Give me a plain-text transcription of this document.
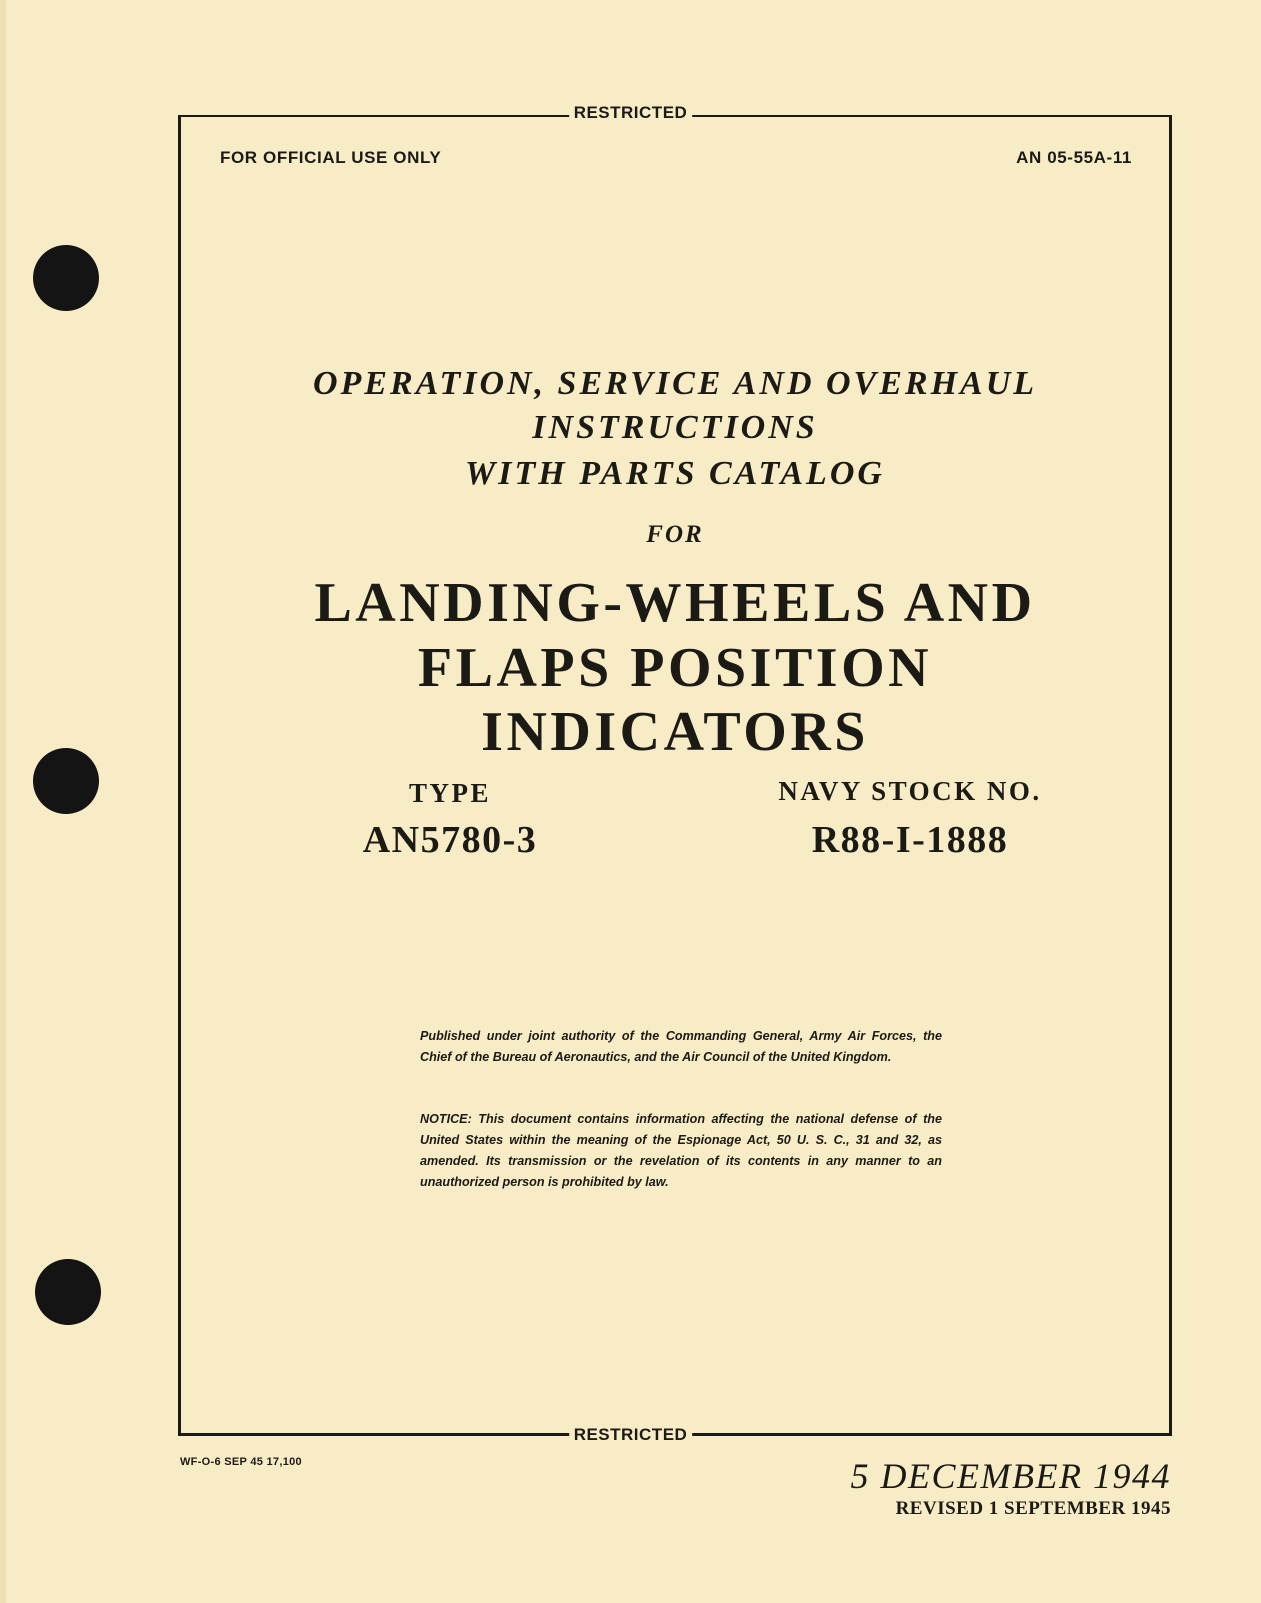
RESTRICTED
FOR OFFICIAL USE ONLY	AN 05-55A-11
OPERATION, SERVICE AND OVERHAUL
INSTRUCTIONS
WITH PARTS CATALOG
FOR
LANDING-WHEELS AND
FLAPS POSITION
INDICATORS
TYPE
AN5780-3
NAVY STOCK NO.
R88-I-1888
Published under joint authority of the Commanding General, Army Air Forces, the Chief of the Bureau of Aeronautics, and the Air Council of the United Kingdom.
NOTICE: This document contains information affecting the national defense of the United States within the meaning of the Espionage Act, 50 U. S. C., 31 and 32, as amended. Its transmission or the revelation of its contents in any manner to an unauthorized person is prohibited by law.
RESTRICTED
WF-O-6 SEP 45 17,100	5 DECEMBER 1944
REVISED 1 SEPTEMBER 1945
